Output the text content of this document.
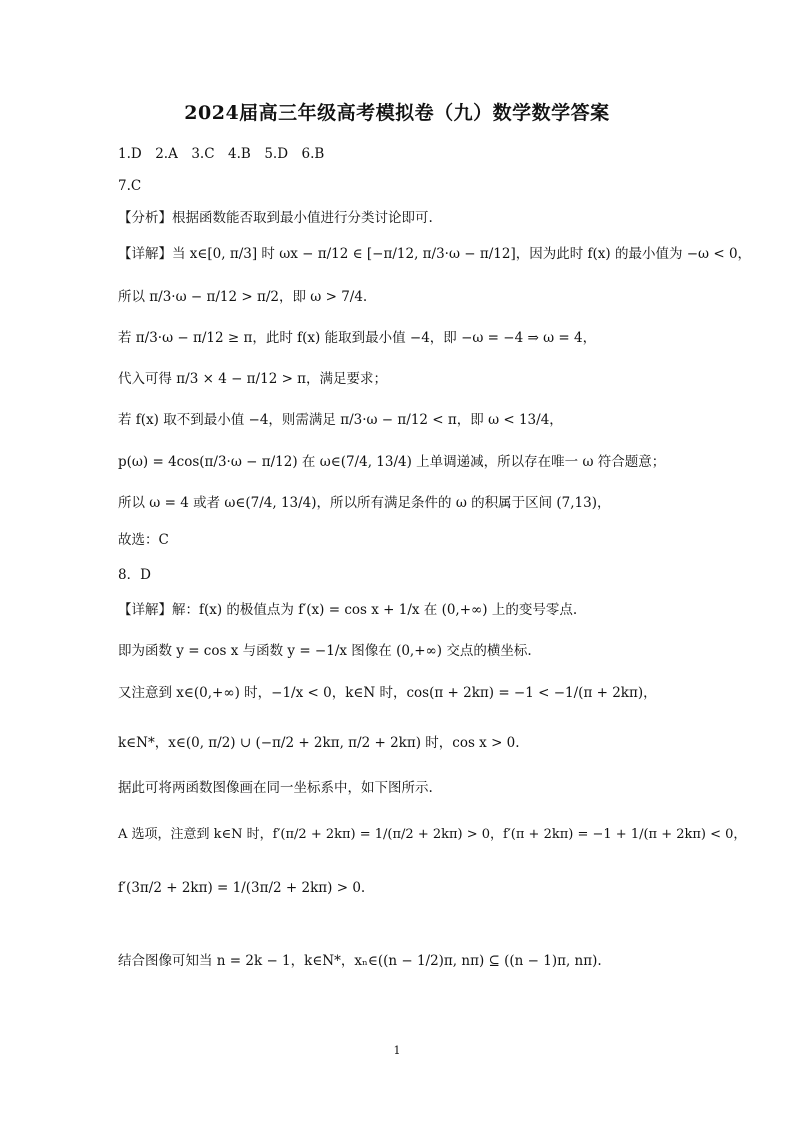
2024届高三年级高考模拟卷（九）数学数学答案
1.D　2.A　3.C　4.B　5.D　6.B
7.C
【分析】根据函数能否取到最小值进行分类讨论即可.
【详解】当 x∈[0, π/3] 时 ωx − π/12 ∈ [−π/12, π/3·ω − π/12]，因为此时 f(x) 的最小值为 −ω < 0，
所以 π/3·ω − π/12 > π/2，即 ω > 7/4.
若 π/3·ω − π/12 ≥ π，此时 f(x) 能取到最小值 −4，即 −ω = −4 ⇒ ω = 4，
代入可得 π/3 × 4 − π/12 > π，满足要求；
若 f(x) 取不到最小值 −4，则需满足 π/3·ω − π/12 < π，即 ω < 13/4，
p(ω) = 4cos(π/3·ω − π/12) 在 ω∈(7/4, 13/4) 上单调递减，所以存在唯一 ω 符合题意；
所以 ω = 4 或者 ω∈(7/4, 13/4)，所以所有满足条件的 ω 的积属于区间 (7,13)，
故选：C
8．D
【详解】解：f(x) 的极值点为 f′(x) = cos x + 1/x 在 (0,+∞) 上的变号零点.
即为函数 y = cos x 与函数 y = −1/x 图像在 (0,+∞) 交点的横坐标.
又注意到 x∈(0,+∞) 时，−1/x < 0，k∈N 时，cos(π + 2kπ) = −1 < −1/(π + 2kπ)，
k∈N*，x∈(0, π/2) ∪ (−π/2 + 2kπ, π/2 + 2kπ) 时，cos x > 0.
据此可将两函数图像画在同一坐标系中，如下图所示.
A 选项，注意到 k∈N 时，f′(π/2 + 2kπ) = 1/(π/2 + 2kπ) > 0，f′(π + 2kπ) = −1 + 1/(π + 2kπ) < 0，
f′(3π/2 + 2kπ) = 1/(3π/2 + 2kπ) > 0.
结合图像可知当 n = 2k − 1，k∈N*，xₙ∈((n − 1/2)π, nπ) ⊆ ((n − 1)π, nπ).
1
